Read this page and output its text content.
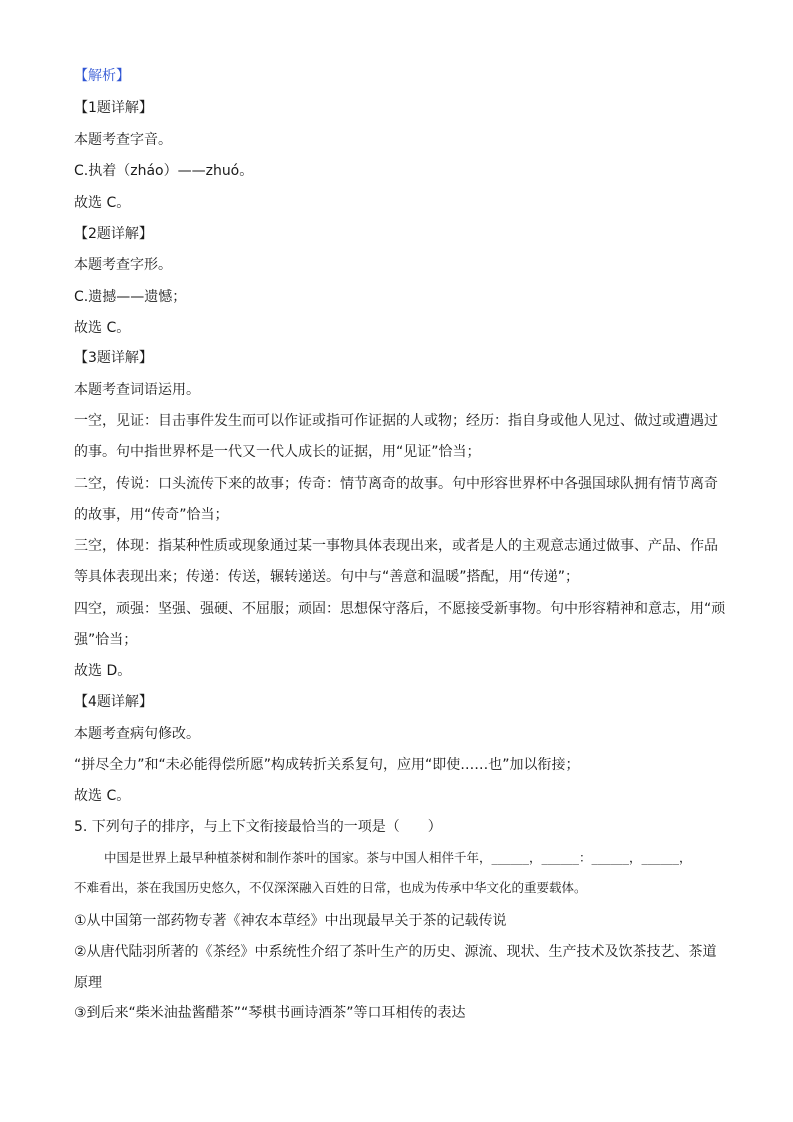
【解析】
【1题详解】
本题考查字音。
C.执着（zháo）——zhuó。
故选 C。
【2题详解】
本题考查字形。
C.遗撼——遗憾；
故选 C。
【3题详解】
本题考查词语运用。
一空，见证：目击事件发生而可以作证或指可作证据的人或物；经历：指自身或他人见过、做过或遭遇过
的事。句中指世界杯是一代又一代人成长的证据，用“见证”恰当；
二空，传说：口头流传下来的故事；传奇：情节离奇的故事。句中形容世界杯中各强国球队拥有情节离奇
的故事，用“传奇”恰当；
三空，体现：指某种性质或现象通过某一事物具体表现出来，或者是人的主观意志通过做事、产品、作品
等具体表现出来；传递：传送，辗转递送。句中与“善意和温暖”搭配，用“传递”；
四空，顽强：坚强、强硬、不屈服；顽固：思想保守落后，不愿接受新事物。句中形容精神和意志，用“顽
强”恰当；
故选 D。
【4题详解】
本题考查病句修改。
“拼尽全力”和“未必能得偿所愿”构成转折关系复句，应用“即使……也”加以衔接；
故选 C。
5. 下列句子的排序，与上下文衔接最恰当的一项是（　　）
中国是世界上最早种植茶树和制作茶叶的国家。茶与中国人相伴千年，______，______：______，______，
不难看出，茶在我国历史悠久，不仅深深融入百姓的日常，也成为传承中华文化的重要载体。
①从中国第一部药物专著《神农本草经》中出现最早关于茶的记载传说
②从唐代陆羽所著的《茶经》中系统性介绍了茶叶生产的历史、源流、现状、生产技术及饮茶技艺、茶道
原理
③到后来“柴米油盐酱醋茶”“琴棋书画诗酒茶”等口耳相传的表达
